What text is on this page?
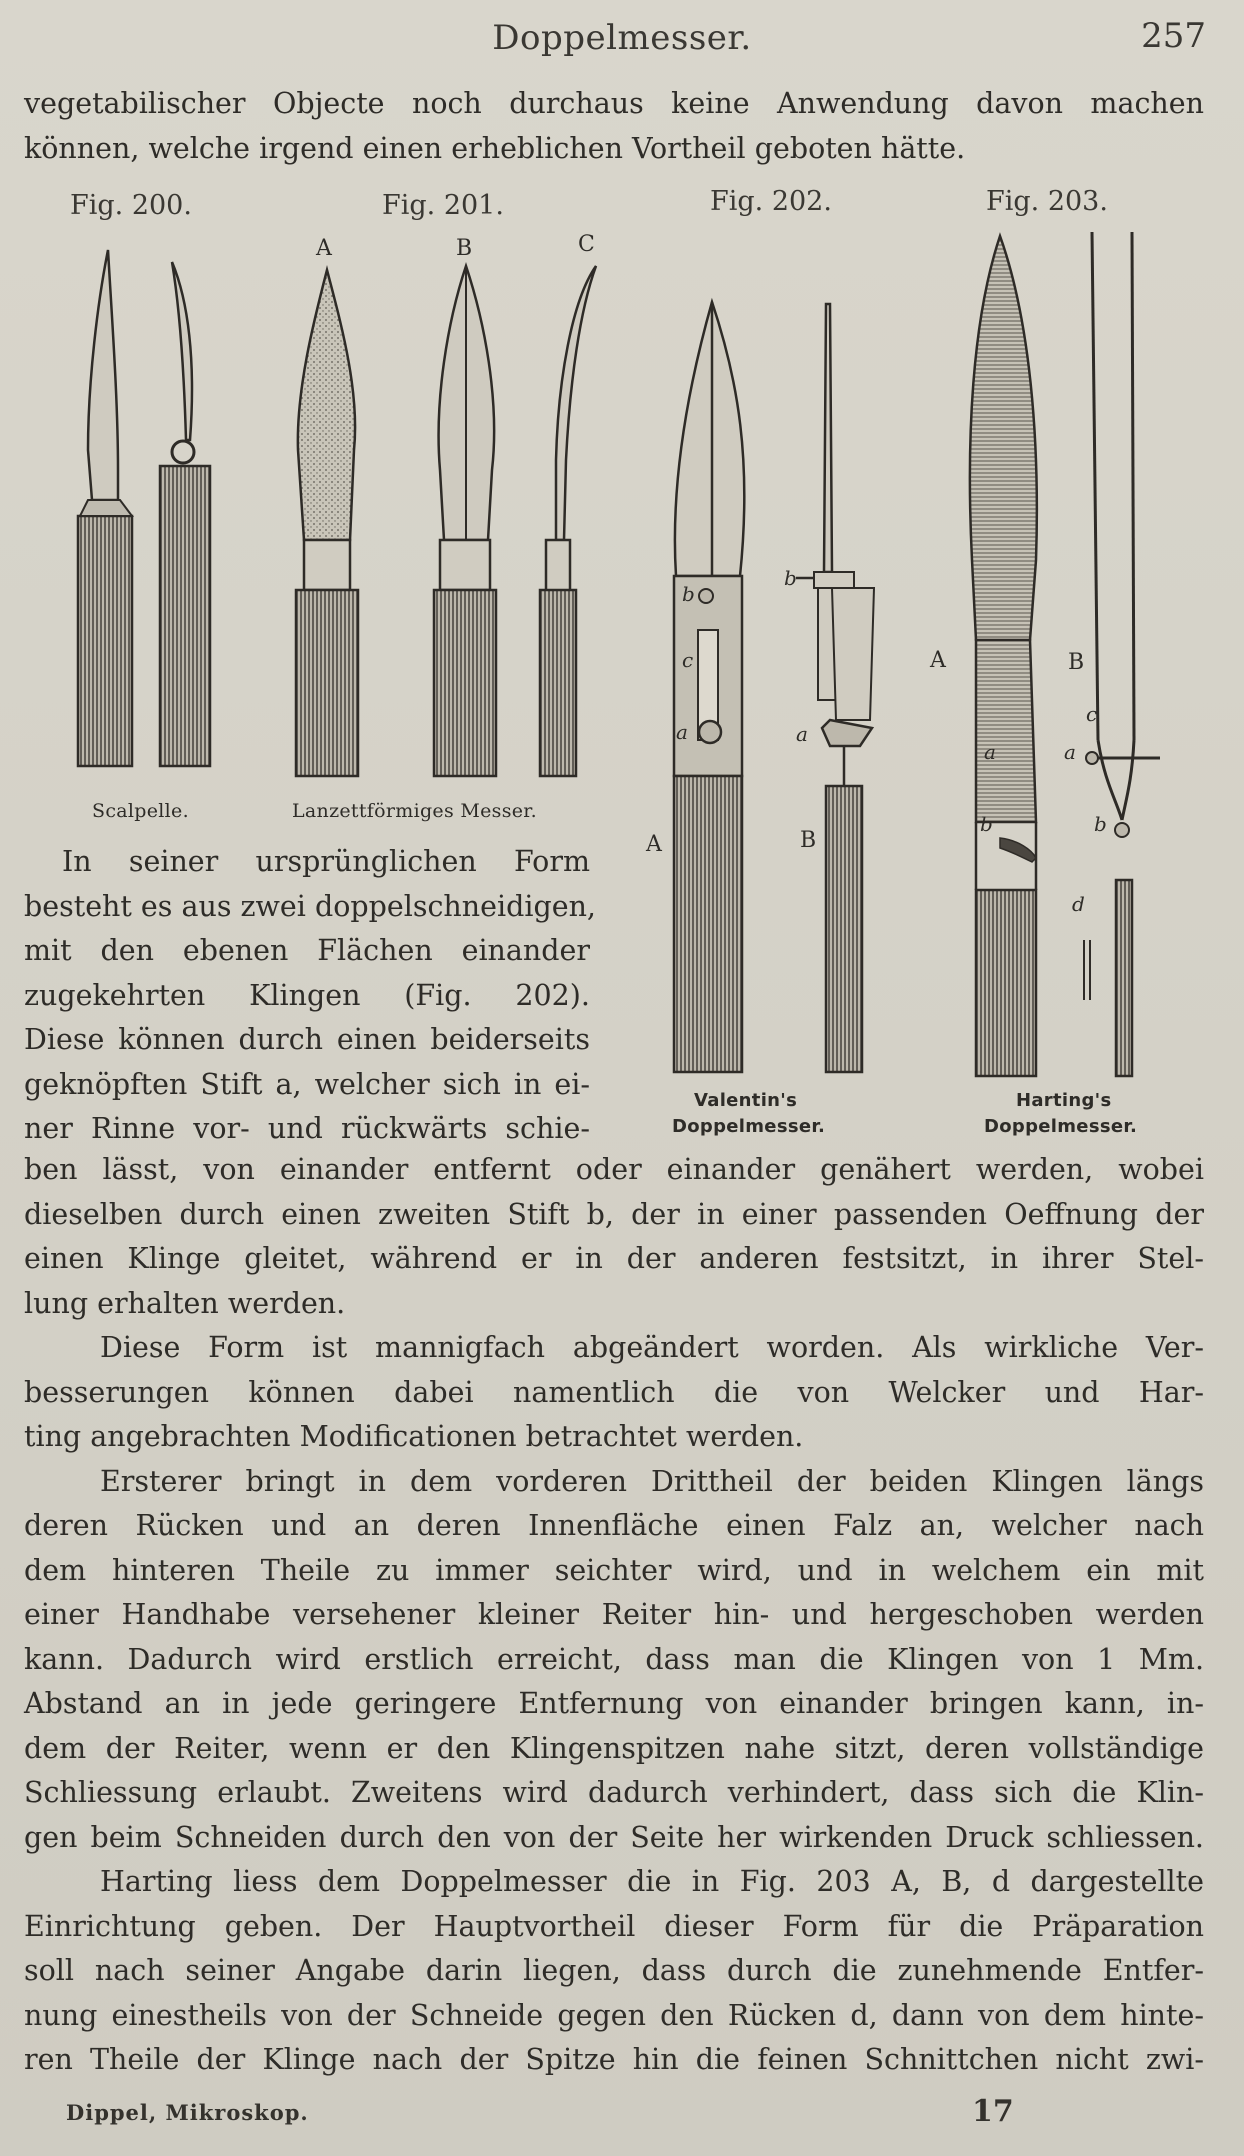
Doppelmesser.	257
vegetabilischer Objecte noch durchaus keine Anwendung davon machen
können, welche irgend einen erheblichen Vortheil geboten hätte.
Fig. 200.	Fig. 201.	Fig. 202.	Fig. 203.
A	B	C
A	B
a
b
c
a
b
A	B
a
b
c
a
b
d
Scalpelle.	Lanzettförmiges Messer.
Valentin's
Doppelmesser.
Harting's
Doppelmesser.
In seiner ursprünglichen Form
besteht es aus zwei doppelschneidigen,
mit den ebenen Flächen einander
zugekehrten Klingen (Fig. 202).
Diese können durch einen beiderseits
geknöpften Stift a, welcher sich in ei-
ner Rinne vor- und rückwärts schie-
ben lässt, von einander entfernt oder einander genähert werden, wobei
dieselben durch einen zweiten Stift b, der in einer passenden Oeffnung der
einen Klinge gleitet, während er in der anderen festsitzt, in ihrer Stel-
lung erhalten werden.
Diese Form ist mannigfach abgeändert worden. Als wirkliche Ver-
besserungen können dabei namentlich die von Welcker und Har-
ting angebrachten Modificationen betrachtet werden.
Ersterer bringt in dem vorderen Drittheil der beiden Klingen längs
deren Rücken und an deren Innenfläche einen Falz an, welcher nach
dem hinteren Theile zu immer seichter wird, und in welchem ein mit
einer Handhabe versehener kleiner Reiter hin- und hergeschoben werden
kann. Dadurch wird erstlich erreicht, dass man die Klingen von 1 Mm.
Abstand an in jede geringere Entfernung von einander bringen kann, in-
dem der Reiter, wenn er den Klingenspitzen nahe sitzt, deren vollständige
Schliessung erlaubt. Zweitens wird dadurch verhindert, dass sich die Klin-
gen beim Schneiden durch den von der Seite her wirkenden Druck schliessen.
Harting liess dem Doppelmesser die in Fig. 203 A, B, d dargestellte
Einrichtung geben. Der Hauptvortheil dieser Form für die Präparation
soll nach seiner Angabe darin liegen, dass durch die zunehmende Entfer-
nung einestheils von der Schneide gegen den Rücken d, dann von dem hinte-
ren Theile der Klinge nach der Spitze hin die feinen Schnittchen nicht zwi-
Dippel, Mikroskop.	17
